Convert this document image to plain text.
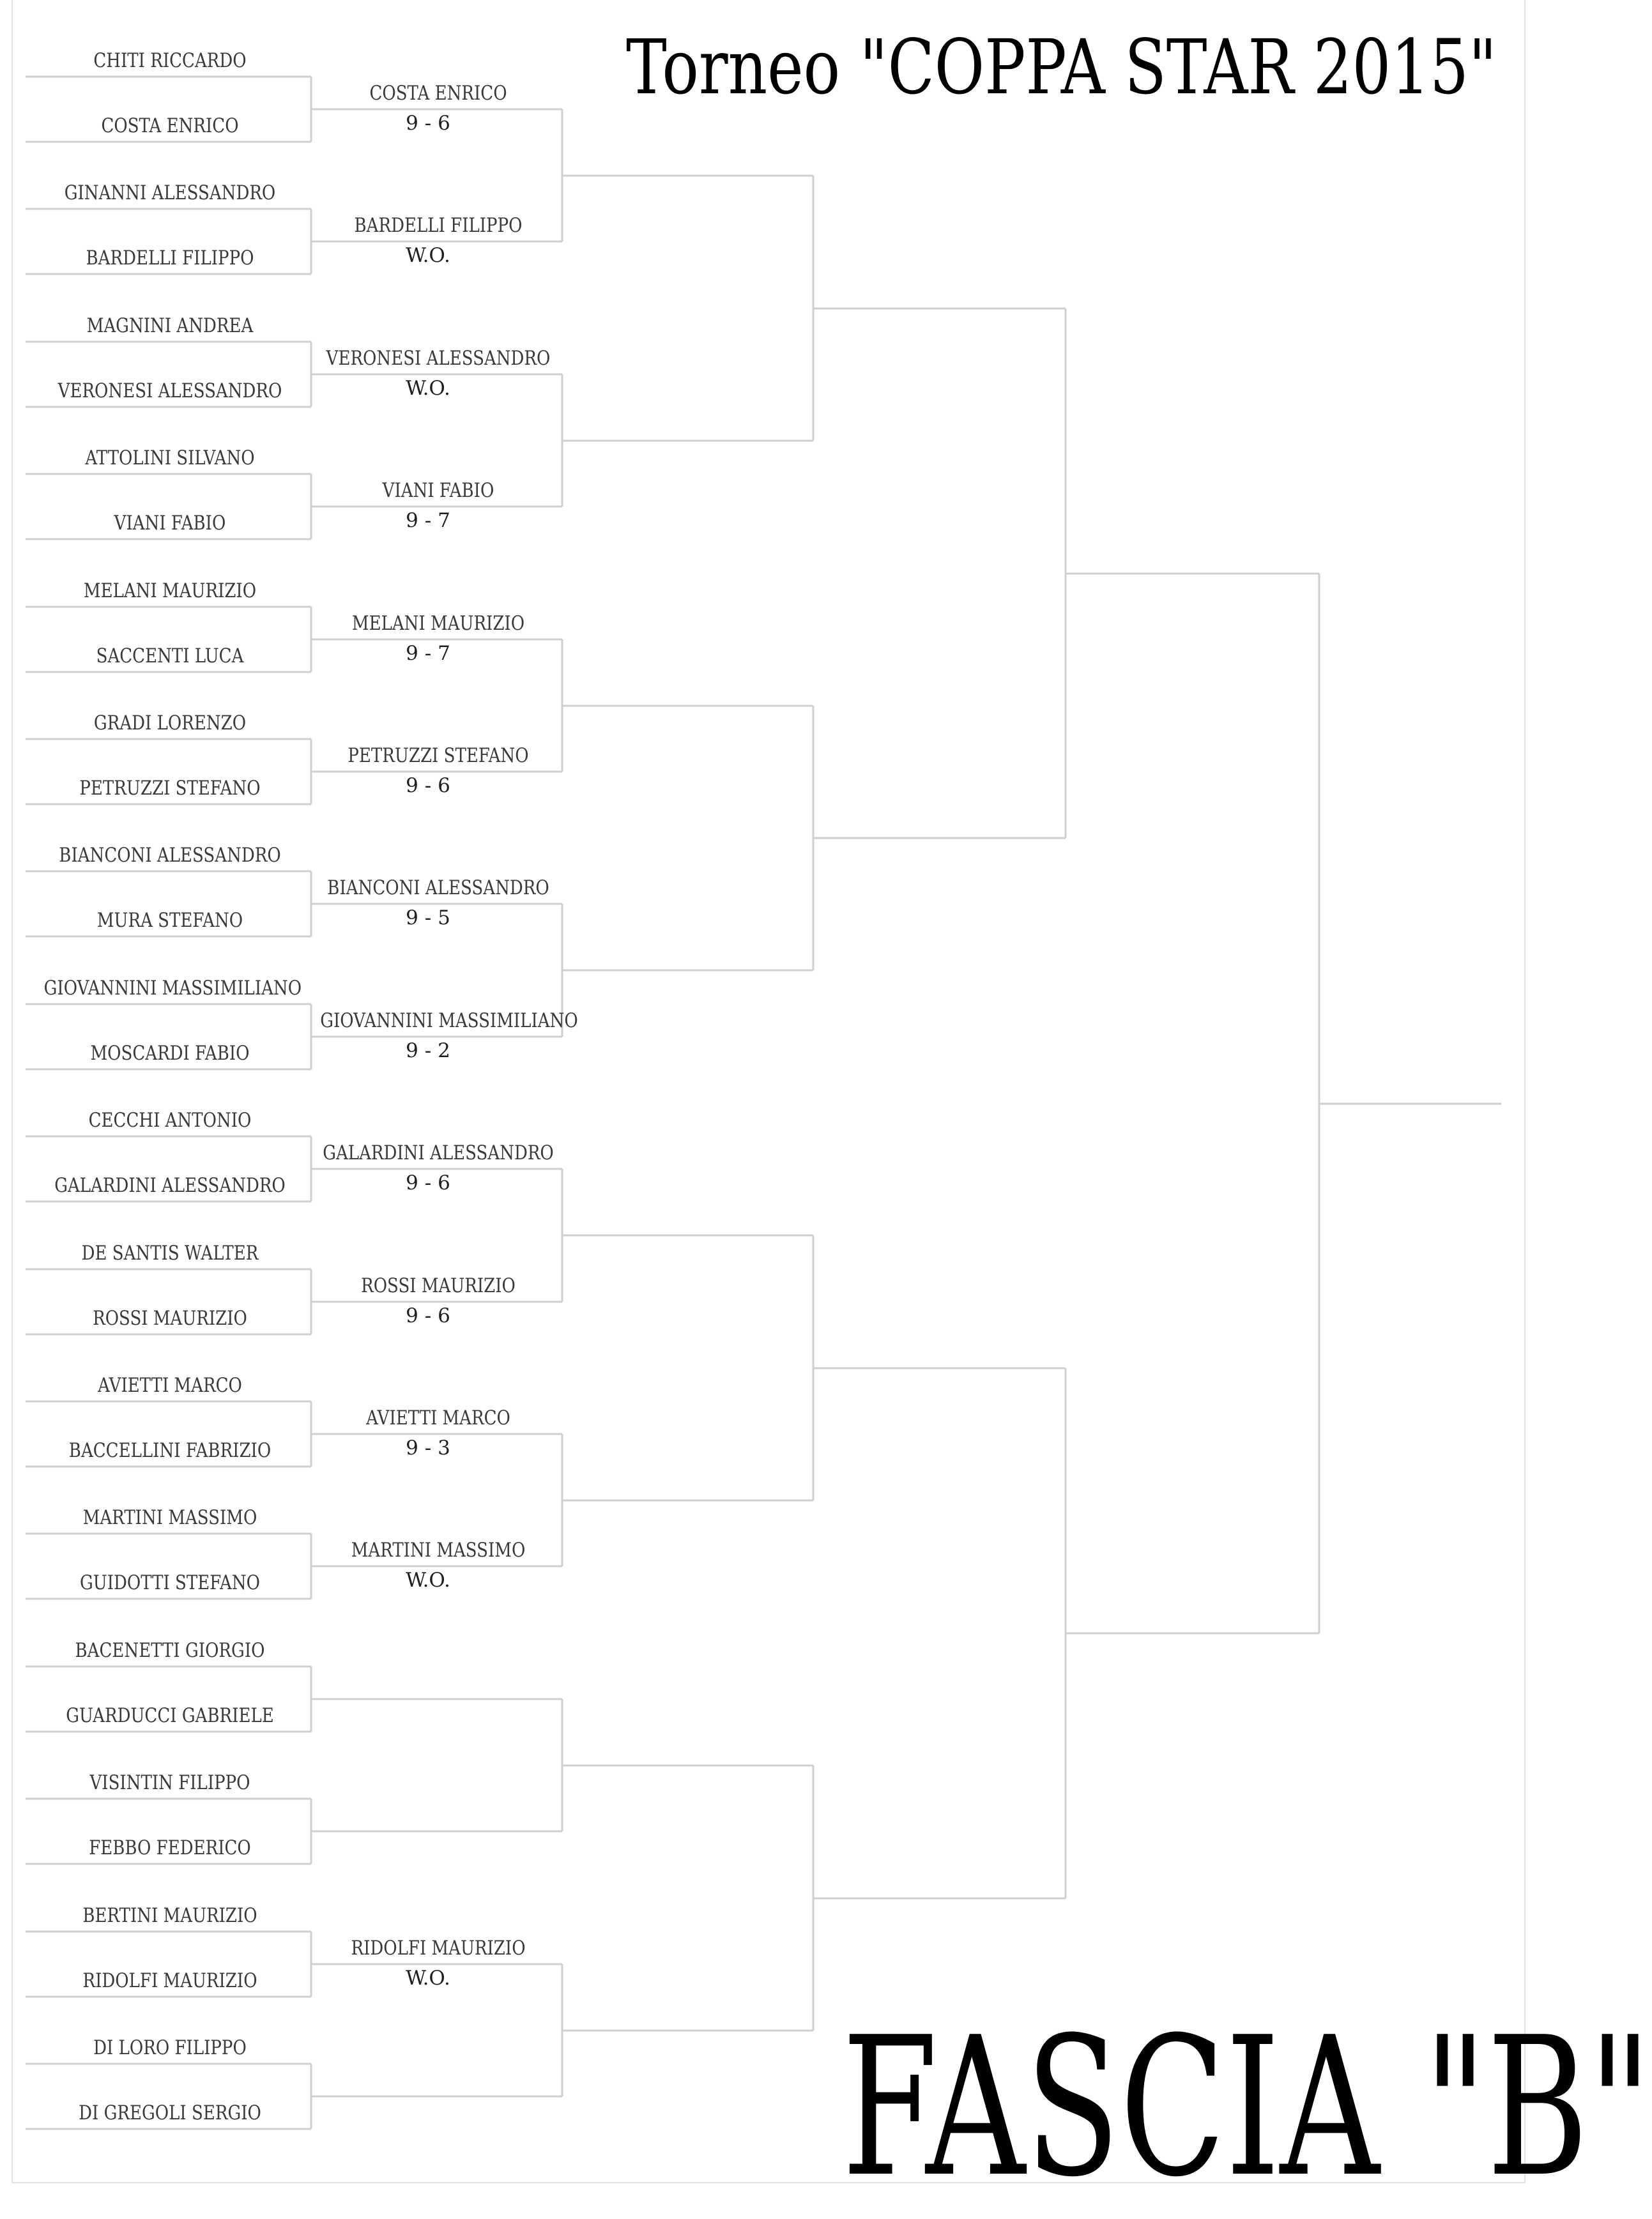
Torneo "COPPA STAR 2015"
FASCIA "B"
CHITI RICCARDO
COSTA ENRICO
GINANNI ALESSANDRO
BARDELLI FILIPPO
MAGNINI ANDREA
VERONESI ALESSANDRO
ATTOLINI SILVANO
VIANI FABIO
MELANI MAURIZIO
SACCENTI LUCA
GRADI LORENZO
PETRUZZI STEFANO
BIANCONI ALESSANDRO
MURA STEFANO
GIOVANNINI MASSIMILIANO
MOSCARDI FABIO
CECCHI ANTONIO
GALARDINI ALESSANDRO
DE SANTIS WALTER
ROSSI MAURIZIO
AVIETTI MARCO
BACCELLINI FABRIZIO
MARTINI MASSIMO
GUIDOTTI STEFANO
BACENETTI GIORGIO
GUARDUCCI GABRIELE
VISINTIN FILIPPO
FEBBO FEDERICO
BERTINI MAURIZIO
RIDOLFI MAURIZIO
DI LORO FILIPPO
DI GREGOLI SERGIO
COSTA ENRICO
9 - 6
BARDELLI FILIPPO
W.O.
VERONESI ALESSANDRO
W.O.
VIANI FABIO
9 - 7
MELANI MAURIZIO
9 - 7
PETRUZZI STEFANO
9 - 6
BIANCONI ALESSANDRO
9 - 5
GIOVANNINI MASSIMILIANO
9 - 2
GALARDINI ALESSANDRO
9 - 6
ROSSI MAURIZIO
9 - 6
AVIETTI MARCO
9 - 3
MARTINI MASSIMO
W.O.
RIDOLFI MAURIZIO
W.O.
